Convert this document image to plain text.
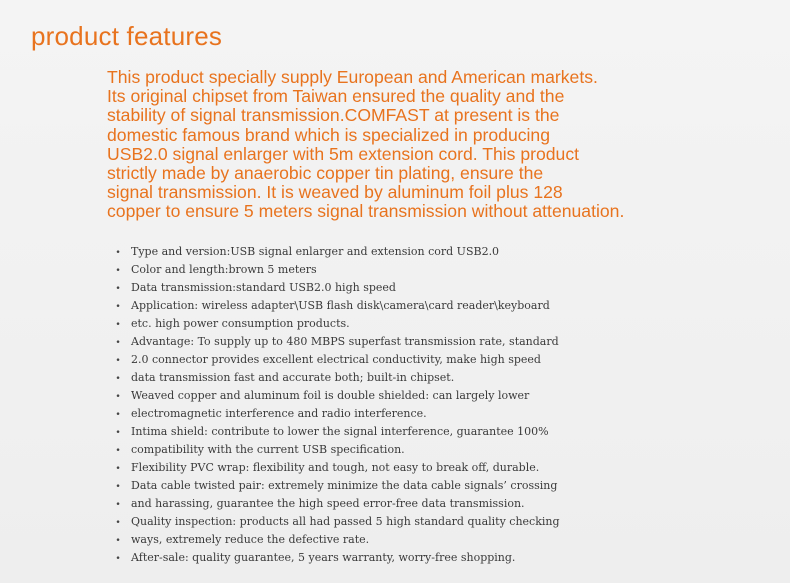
product features

This product specially supply European and American markets.
Its original chipset from Taiwan ensured the quality and the
stability of signal transmission.COMFAST at present is the
domestic famous brand which is specialized in producing
USB2.0 signal enlarger with 5m extension cord. This product
strictly made by anaerobic copper tin plating, ensure the
signal transmission. It is weaved by aluminum foil plus 128
copper to ensure 5 meters signal transmission without attenuation.

•
•
•
•
•
•
•
•
•
•
•
•
•
•
•
•
•
•
Type and version:USB signal enlarger and extension cord USB2.0
Color and length:brown 5 meters
Data transmission:standard USB2.0 high speed
Application: wireless adapter\USB flash disk\camera\card reader\keyboard
etc. high power consumption products.
Advantage: To supply up to 480 MBPS superfast transmission rate, standard
2.0 connector provides excellent electrical conductivity, make high speed
data transmission fast and accurate both; built-in chipset.
Weaved copper and aluminum foil is double shielded: can largely lower
electromagnetic interference and radio interference.
Intima shield: contribute to lower the signal interference, guarantee 100%
compatibility with the current USB specification.
Flexibility PVC wrap: flexibility and tough, not easy to break off, durable.
Data cable twisted pair: extremely minimize the data cable signals’ crossing
and harassing, guarantee the high speed error-free data transmission.
Quality inspection: products all had passed 5 high standard quality checking
ways, extremely reduce the defective rate.
After-sale: quality guarantee, 5 years warranty, worry-free shopping.
